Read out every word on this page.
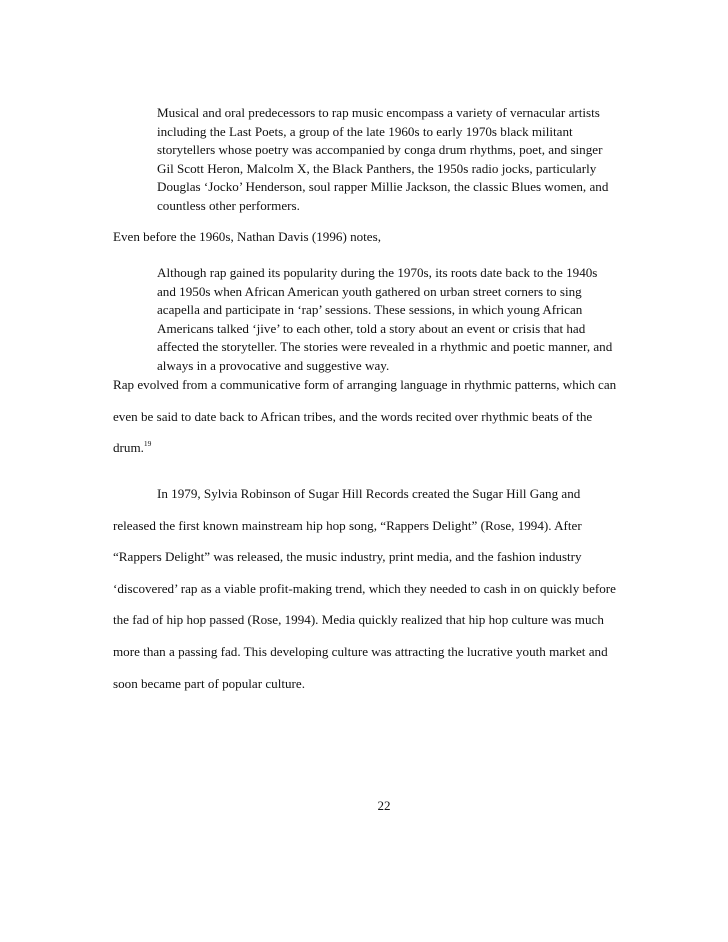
Musical and oral predecessors to rap music encompass a variety of vernacular artists including the Last Poets, a group of the late 1960s to early 1970s black militant storytellers whose poetry was accompanied by conga drum rhythms, poet, and singer Gil Scott Heron, Malcolm X, the Black Panthers, the 1950s radio jocks, particularly Douglas ‘Jocko’ Henderson, soul rapper Millie Jackson, the classic Blues women, and countless other performers.

Even before the 1960s, Nathan Davis (1996) notes,

Although rap gained its popularity during the 1970s, its roots date back to the 1940s and 1950s when African American youth gathered on urban street corners to sing acapella and participate in ‘rap’ sessions. These sessions, in which young African Americans talked ‘jive’ to each other, told a story about an event or crisis that had affected the storyteller. The stories were revealed in a rhythmic and poetic manner, and always in a provocative and suggestive way.

Rap evolved from a communicative form of arranging language in rhythmic patterns, which can even be said to date back to African tribes, and the words recited over rhythmic beats of the drum.$^{19}$

In 1979, Sylvia Robinson of Sugar Hill Records created the Sugar Hill Gang and released the first known mainstream hip hop song, “Rappers Delight” (Rose, 1994). After “Rappers Delight” was released, the music industry, print media, and the fashion industry ‘discovered’ rap as a viable profit-making trend, which they needed to cash in on quickly before the fad of hip hop passed (Rose, 1994). Media quickly realized that hip hop culture was much more than a passing fad. This developing culture was attracting the lucrative youth market and soon became part of popular culture.

22
